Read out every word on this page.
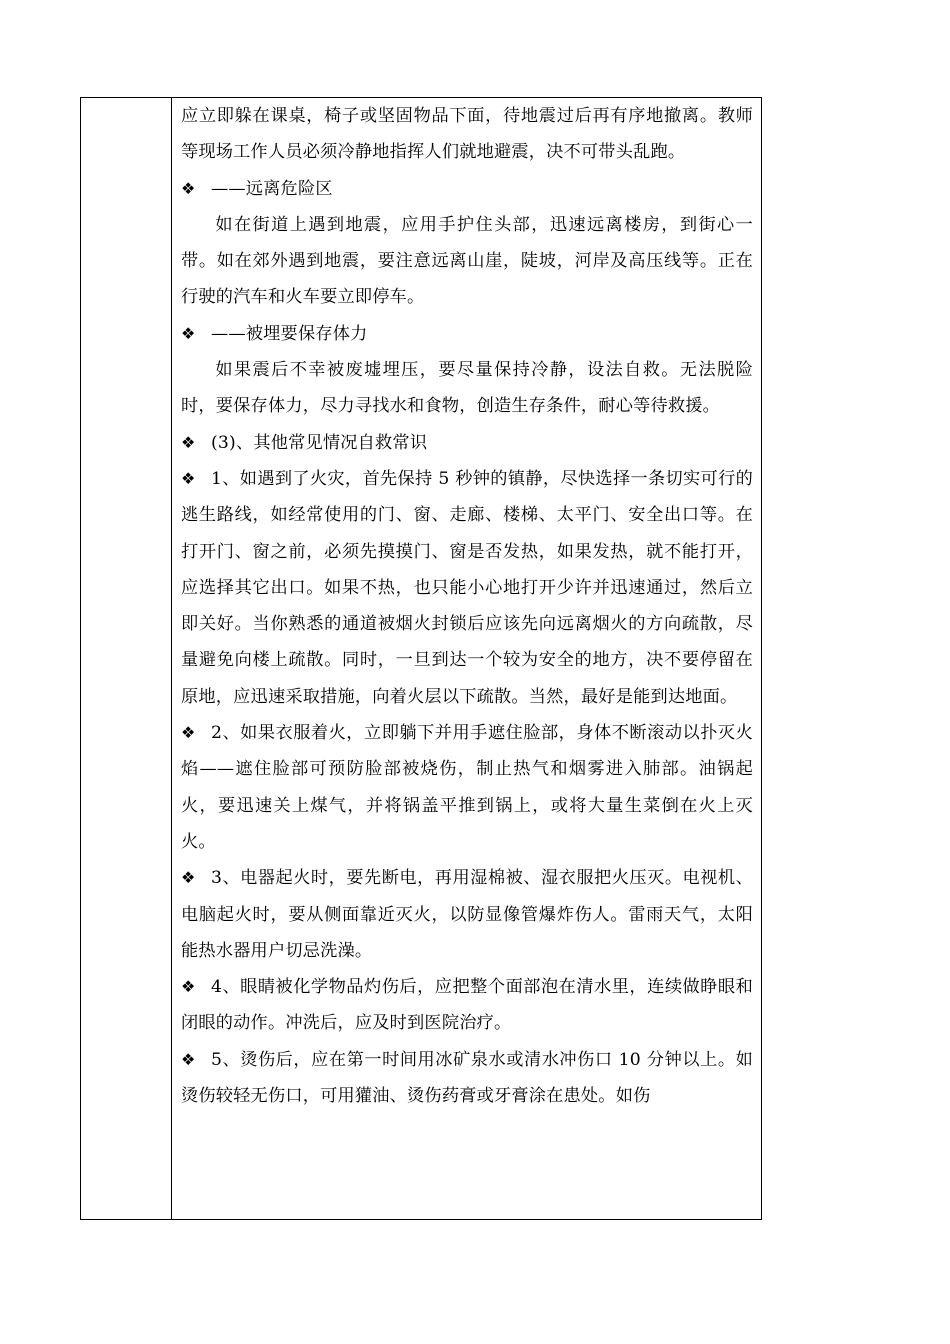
应立即躲在课桌，椅子或坚固物品下面，待地震过后再有序地撤离。教师等现场工作人员必须冷静地指挥人们就地避震，决不可带头乱跑。

❖ ——远离危险区

如在街道上遇到地震，应用手护住头部，迅速远离楼房，到街心一带。如在郊外遇到地震，要注意远离山崖，陡坡，河岸及高压线等。正在行驶的汽车和火车要立即停车。

❖ ——被埋要保存体力

如果震后不幸被废墟埋压，要尽量保持冷静，设法自救。无法脱险时，要保存体力，尽力寻找水和食物，创造生存条件，耐心等待救援。

❖ (3)、其他常见情况自救常识

❖ 1、如遇到了火灾，首先保持 5 秒钟的镇静，尽快选择一条切实可行的逃生路线，如经常使用的门、窗、走廊、楼梯、太平门、安全出口等。在打开门、窗之前，必须先摸摸门、窗是否发热，如果发热，就不能打开，应选择其它出口。如果不热，也只能小心地打开少许并迅速通过，然后立即关好。当你熟悉的通道被烟火封锁后应该先向远离烟火的方向疏散，尽量避免向楼上疏散。同时，一旦到达一个较为安全的地方，决不要停留在原地，应迅速采取措施，向着火层以下疏散。当然，最好是能到达地面。

❖ 2、如果衣服着火，立即躺下并用手遮住脸部，身体不断滚动以扑灭火焰——遮住脸部可预防脸部被烧伤，制止热气和烟雾进入肺部。油锅起火，要迅速关上煤气，并将锅盖平推到锅上，或将大量生菜倒在火上灭火。

❖ 3、电器起火时，要先断电，再用湿棉被、湿衣服把火压灭。电视机、电脑起火时，要从侧面靠近灭火，以防显像管爆炸伤人。雷雨天气，太阳能热水器用户切忌洗澡。

❖ 4、眼睛被化学物品灼伤后，应把整个面部泡在清水里，连续做睁眼和闭眼的动作。冲洗后，应及时到医院治疗。

❖ 5、烫伤后，应在第一时间用冰矿泉水或清水冲伤口 10 分钟以上。如烫伤较轻无伤口，可用獾油、烫伤药膏或牙膏涂在患处。如伤
